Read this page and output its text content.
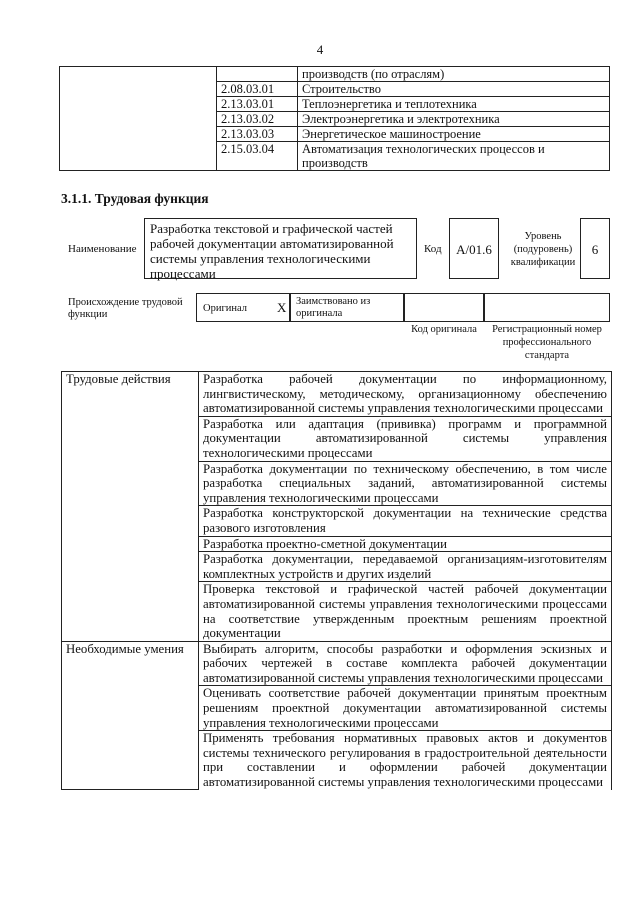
4
		производств (по отраслям)
	2.08.03.01	Строительство
	2.13.03.01	Теплоэнергетика и теплотехника
	2.13.03.02	Электроэнергетика и электротехника
	2.13.03.03	Энергетическое машиностроение
	2.15.03.04	Автоматизация технологических процессов и производств
3.1.1. Трудовая функция
Наименование
Разработка текстовой и графической частей рабочей документации автоматизированной системы управления технологическими процессами
Код	A/01.6
Уровень (подуровень) квалификации
6
Происхождение трудовой функции
Оригинал X Заимствовано из оригинала
Код оригинала	Регистрационный номер профессионального стандарта
Трудовые действия	Разработка рабочей документации по информационному, лингвистическому, методическому, организационному обеспечению автоматизированной системы управления технологическими процессами
	Разработка или адаптация (прививка) программ и программной документации автоматизированной системы управления технологическими процессами
	Разработка документации по техническому обеспечению, в том числе разработка специальных заданий, автоматизированной системы управления технологическими процессами
	Разработка конструкторской документации на технические средства разового изготовления
	Разработка проектно-сметной документации
	Разработка документации, передаваемой организациям-изготовителям комплектных устройств и других изделий
	Проверка текстовой и графической частей рабочей документации автоматизированной системы управления технологическими процессами на соответствие утвержденным проектным решениям проектной документации
Необходимые умения	Выбирать алгоритм, способы разработки и оформления эскизных и рабочих чертежей в составе комплекта рабочей документации автоматизированной системы управления технологическими процессами
	Оценивать соответствие рабочей документации принятым проектным решениям проектной документации автоматизированной системы управления технологическими процессами
	Применять требования нормативных правовых актов и документов системы технического регулирования в градостроительной деятельности при составлении и оформлении рабочей документации автоматизированной системы управления технологическими процессами
